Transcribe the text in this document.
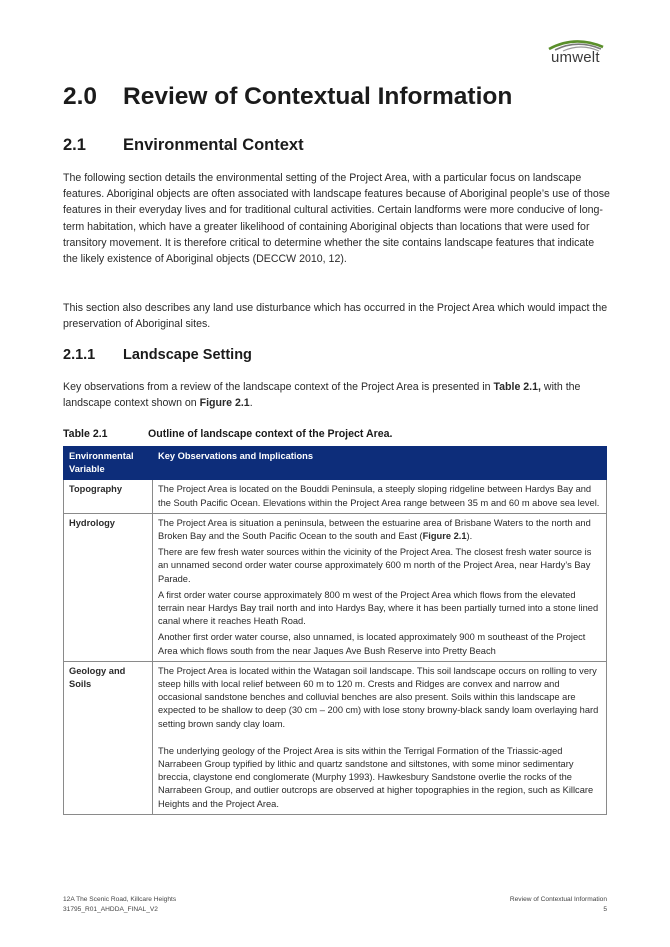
umwelt
2.0 Review of Contextual Information
2.1 Environmental Context

The following section details the environmental setting of the Project Area, with a particular focus on landscape features. Aboriginal objects are often associated with landscape features because of Aboriginal people’s use of those features in their everyday lives and for traditional cultural activities. Certain landforms were more conducive of long-term habitation, which have a greater likelihood of containing Aboriginal objects than locations that were used for transitory movement. It is therefore critical to determine whether the site contains landscape features that indicate the likely existence of Aboriginal objects (DECCW 2010, 12).

This section also describes any land use disturbance which has occurred in the Project Area which would impact the preservation of Aboriginal sites.

2.1.1 Landscape Setting

Key observations from a review of the landscape context of the Project Area is presented in Table 2.1, with the landscape context shown on Figure 2.1.

Table 2.1	Outline of landscape context of the Project Area.
Environmental Variable	Key Observations and Implications
Topography	The Project Area is located on the Bouddi Peninsula, a steeply sloping ridgeline between Hardys Bay and the South Pacific Ocean. Elevations within the Project Area range between 35 m and 60 m above sea level.

Hydrology	The Project Area is situation a peninsula, between the estuarine area of Brisbane Waters to the north and Broken Bay and the South Pacific Ocean to the south and East (Figure 2.1).

There are few fresh water sources within the vicinity of the Project Area. The closest fresh water source is an unnamed second order water course approximately 600 m north of the Project Area, near Hardy’s Bay Parade.

A first order water course approximately 800 m west of the Project Area which flows from the elevated terrain near Hardys Bay trail north and into Hardys Bay, where it has been partially turned into a stone lined canal where it reaches Heath Road.

Another first order water course, also unnamed, is located approximately 900 m southeast of the Project Area which flows south from the near Jaques Ave Bush Reserve into Pretty Beach

Geology and Soils	The Project Area is located within the Watagan soil landscape. This soil landscape occurs on rolling to very steep hills with local relief between 60 m to 120 m. Crests and Ridges are convex and narrow and occasional sandstone benches and colluvial benches are also present. Soils within this landscape are expected to be shallow to deep (30 cm – 200 cm) with lose stony browny-black sandy loam overlaying hard setting brown sandy clay loam.

The underlying geology of the Project Area is sits within the Terrigal Formation of the Triassic-aged Narrabeen Group typified by lithic and quartz sandstone and siltstones, with some minor sedimentary breccia, claystone end conglomerate (Murphy 1993). Hawkesbury Sandstone overlie the rocks of the Narrabeen Group, and outlier outcrops are observed at higher topographies in the region, such as Killcare Heights and the Project Area.

12A The Scenic Road, Killcare Heights
31795_R01_AHDDA_FINAL_V2
Review of Contextual Information
5
